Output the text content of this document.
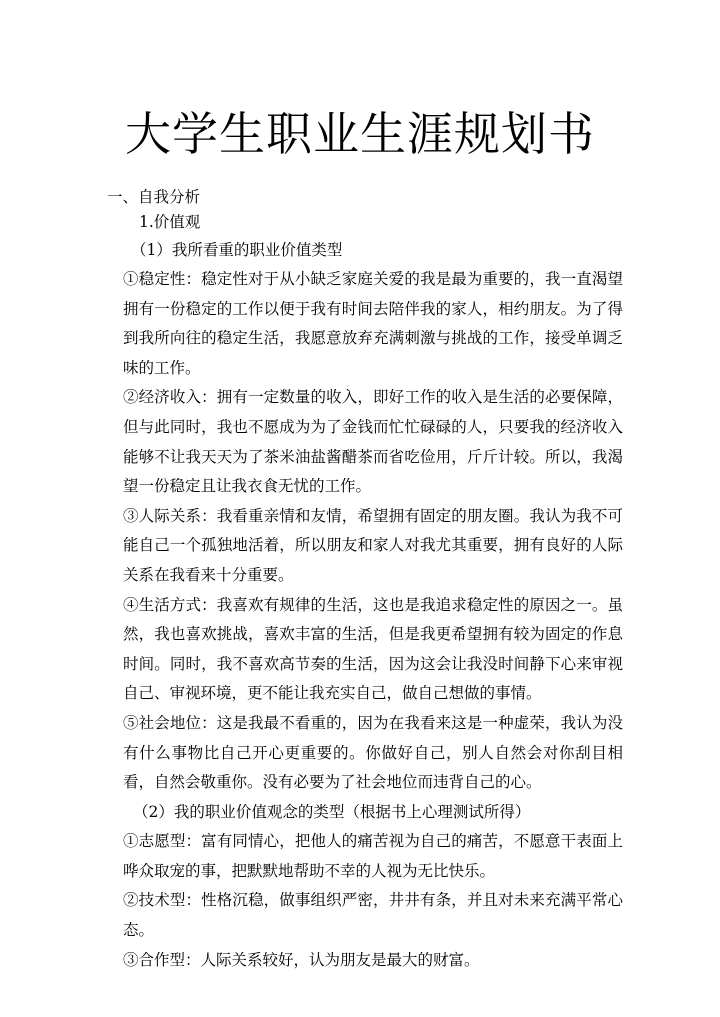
大学生职业生涯规划书
一、自我分析
1.价值观
（1）我所看重的职业价值类型

①稳定性：稳定性对于从小缺乏家庭关爱的我是最为重要的，我一直渴望拥有一份稳定的工作以便于我有时间去陪伴我的家人，相约朋友。为了得到我所向往的稳定生活，我愿意放弃充满刺激与挑战的工作，接受单调乏味的工作。

②经济收入：拥有一定数量的收入，即好工作的收入是生活的必要保障，但与此同时，我也不愿成为为了金钱而忙忙碌碌的人，只要我的经济收入能够不让我天天为了茶米油盐酱醋茶而省吃俭用，斤斤计较。所以，我渴望一份稳定且让我衣食无忧的工作。

③人际关系：我看重亲情和友情，希望拥有固定的朋友圈。我认为我不可能自己一个孤独地活着，所以朋友和家人对我尤其重要，拥有良好的人际关系在我看来十分重要。

④生活方式：我喜欢有规律的生活，这也是我追求稳定性的原因之一。虽然，我也喜欢挑战，喜欢丰富的生活，但是我更希望拥有较为固定的作息时间。同时，我不喜欢高节奏的生活，因为这会让我没时间静下心来审视自己、审视环境，更不能让我充实自己，做自己想做的事情。

⑤社会地位：这是我最不看重的，因为在我看来这是一种虚荣，我认为没有什么事物比自己开心更重要的。你做好自己，别人自然会对你刮目相看，自然会敬重你。没有必要为了社会地位而违背自己的心。

（2）我的职业价值观念的类型（根据书上心理测试所得）

①志愿型：富有同情心，把他人的痛苦视为自己的痛苦，不愿意干表面上哗众取宠的事，把默默地帮助不幸的人视为无比快乐。

②技术型：性格沉稳，做事组织严密，井井有条，并且对未来充满平常心态。

③合作型：人际关系较好，认为朋友是最大的财富。
